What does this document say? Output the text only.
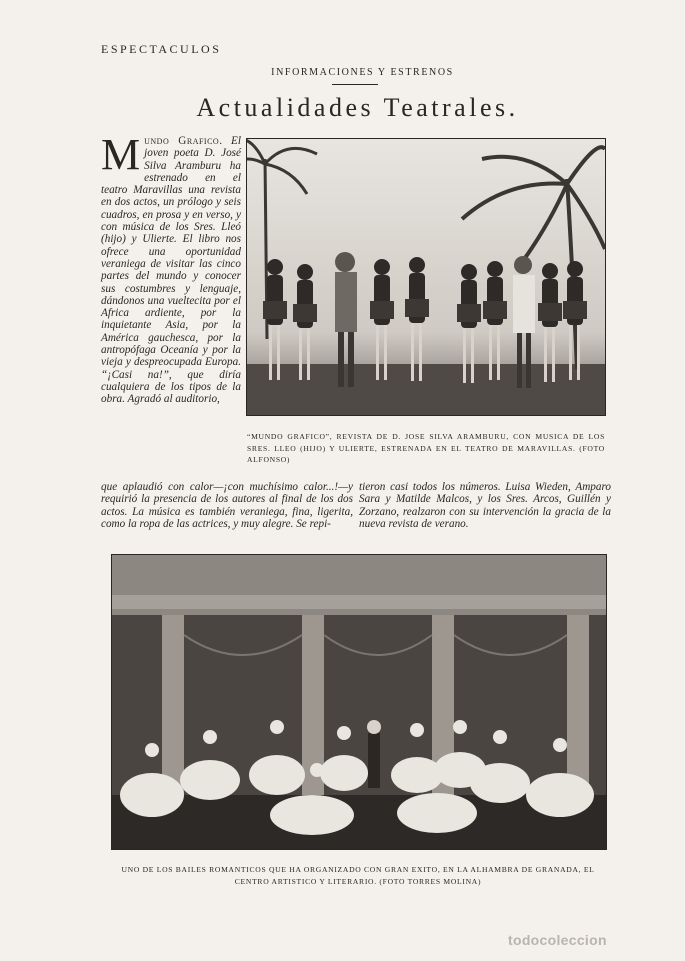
ESPECTACULOS
INFORMACIONES Y ESTRENOS
Actualidades Teatrales.
Mundo Grafico. El joven poeta D. José Silva Aramburu ha estrenado en el teatro Maravillas una revista en dos actos, un prólogo y seis cuadros, en prosa y en verso, y con música de los Sres. Lleó (hijo) y Ulierte. El libro nos ofrece una oportunidad veraniega de visitar las cinco partes del mundo y conocer sus costumbres y lenguaje, dándonos una vueltecita por el Africa ardiente, por la inquietante Asia, por la América gauchesca, por la antropófaga Oceanía y por la vieja y despreocupada Europa. “¡Casi na!”, que diría cualquiera de los tipos de la obra. Agradó al auditorio,
que aplaudió con calor—¡con muchísimo calor...!—y requirió la presencia de los autores al final de los dos actos. La música es también veraniega, fina, ligerita, como la ropa de las actrices, y muy alegre. Se repi-
tieron casi todos los números. Luisa Wieden, Amparo Sara y Matilde Malcos, y los Sres. Arcos, Guillén y Zorzano, realzaron con su intervención la gracia de la nueva revista de verano.
“MUNDO GRAFICO”, REVISTA DE D. JOSE SILVA ARAMBURU, CON MUSICA DE LOS SRES. LLEO (HIJO) Y ULIERTE, ESTRENADA EN EL TEATRO DE MARAVILLAS. (FOTO ALFONSO)
UNO DE LOS BAILES ROMANTICOS QUE HA ORGANIZADO CON GRAN EXITO, EN LA ALHAMBRA DE GRANADA, EL CENTRO ARTISTICO Y LITERARIO. (FOTO TORRES MOLINA)
todocoleccion
